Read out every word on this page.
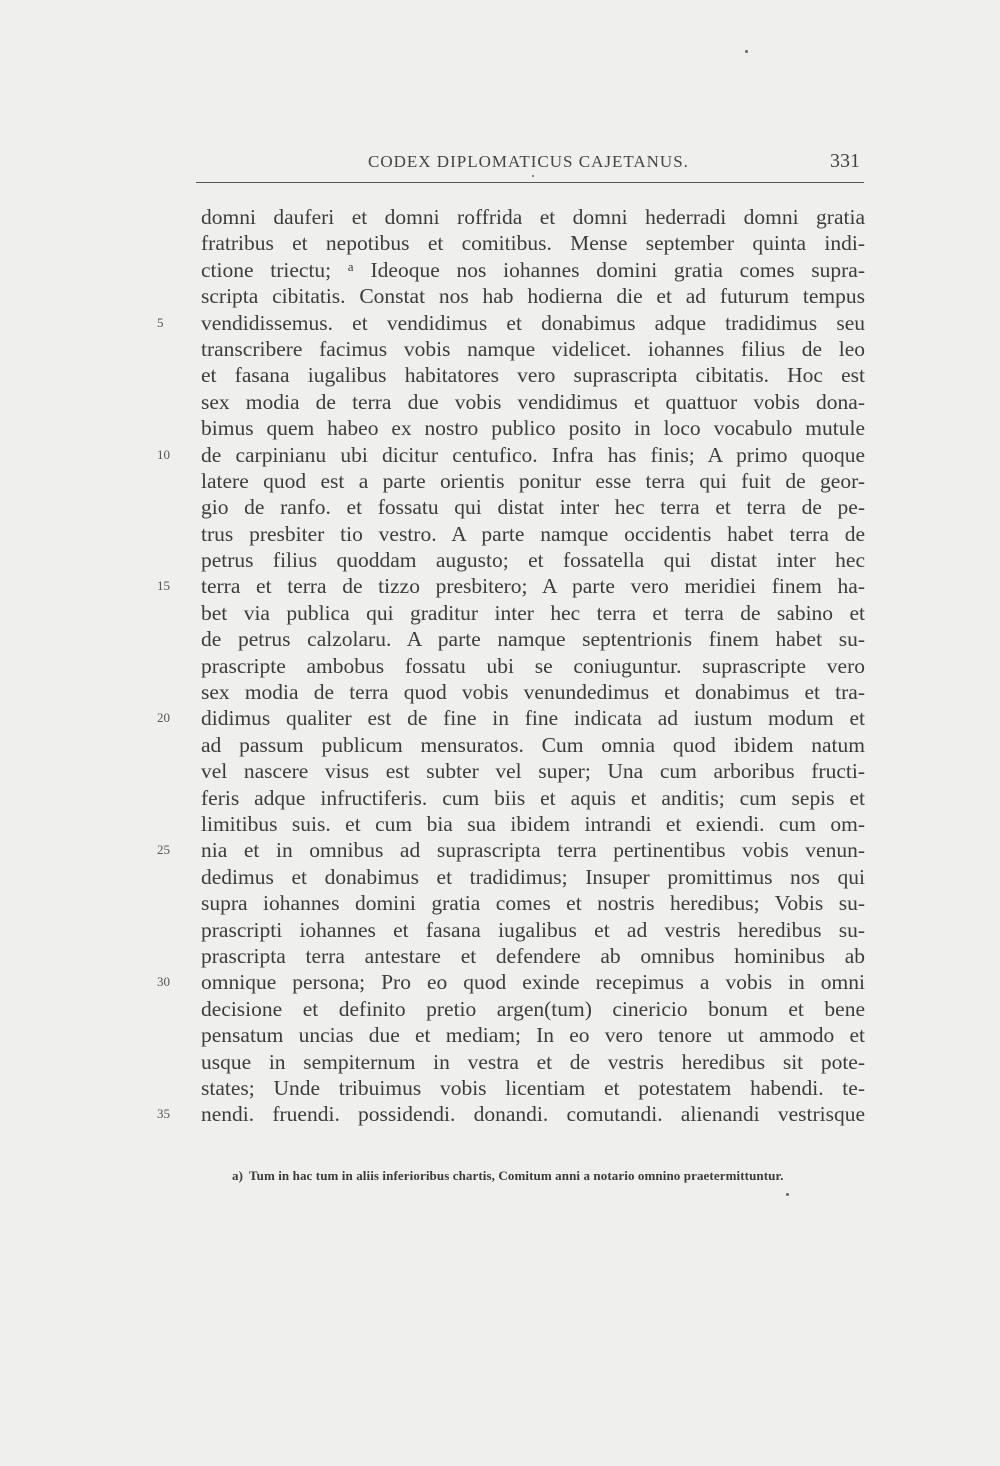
CODEX DIPLOMATICUS CAJETANUS.	331
domni dauferi et domni roffrida et domni hederradi domni gratia
fratribus et nepotibus et comitibus. Mense september quinta indi-
ctione triectu; ᵃ Ideoque nos iohannes domini gratia comes supra-
scripta cibitatis. Constat nos hab hodierna die et ad futurum tempus
5	vendidissemus. et vendidimus et donabimus adque tradidimus seu
transcribere facimus vobis namque videlicet. iohannes filius de leo
et fasana iugalibus habitatores vero suprascripta cibitatis. Hoc est
sex modia de terra due vobis vendidimus et quattuor vobis dona-
bimus quem habeo ex nostro publico posito in loco vocabulo mutule
10	de carpinianu ubi dicitur centufico. Infra has finis; A primo quoque
latere quod est a parte orientis ponitur esse terra qui fuit de geor-
gio de ranfo. et fossatu qui distat inter hec terra et terra de pe-
trus presbiter tio vestro. A parte namque occidentis habet terra de
petrus filius quoddam augusto; et fossatella qui distat inter hec
15	terra et terra de tizzo presbitero; A parte vero meridiei finem ha-
bet via publica qui graditur inter hec terra et terra de sabino et
de petrus calzolaru. A parte namque septentrionis finem habet su-
prascripte ambobus fossatu ubi se coniuguntur. suprascripte vero
sex modia de terra quod vobis venundedimus et donabimus et tra-
20	didimus qualiter est de fine in fine indicata ad iustum modum et
ad passum publicum mensuratos. Cum omnia quod ibidem natum
vel nascere visus est subter vel super; Una cum arboribus fructi-
feris adque infructiferis. cum biis et aquis et anditis; cum sepis et
limitibus suis. et cum bia sua ibidem intrandi et exiendi. cum om-
25	nia et in omnibus ad suprascripta terra pertinentibus vobis venun-
dedimus et donabimus et tradidimus; Insuper promittimus nos qui
supra iohannes domini gratia comes et nostris heredibus; Vobis su-
prascripti iohannes et fasana iugalibus et ad vestris heredibus su-
prascripta terra antestare et defendere ab omnibus hominibus ab
30	omnique persona; Pro eo quod exinde recepimus a vobis in omni
decisione et definito pretio argen(tum) cinericio bonum et bene
pensatum uncias due et mediam; In eo vero tenore ut ammodo et
usque in sempiternum in vestra et de vestris heredibus sit pote-
states; Unde tribuimus vobis licentiam et potestatem habendi. te-
35	nendi. fruendi. possidendi. donandi. comutandi. alienandi vestrisque
a) Tum in hac tum in aliis inferioribus chartis, Comitum anni a notario omnino praetermittuntur.
